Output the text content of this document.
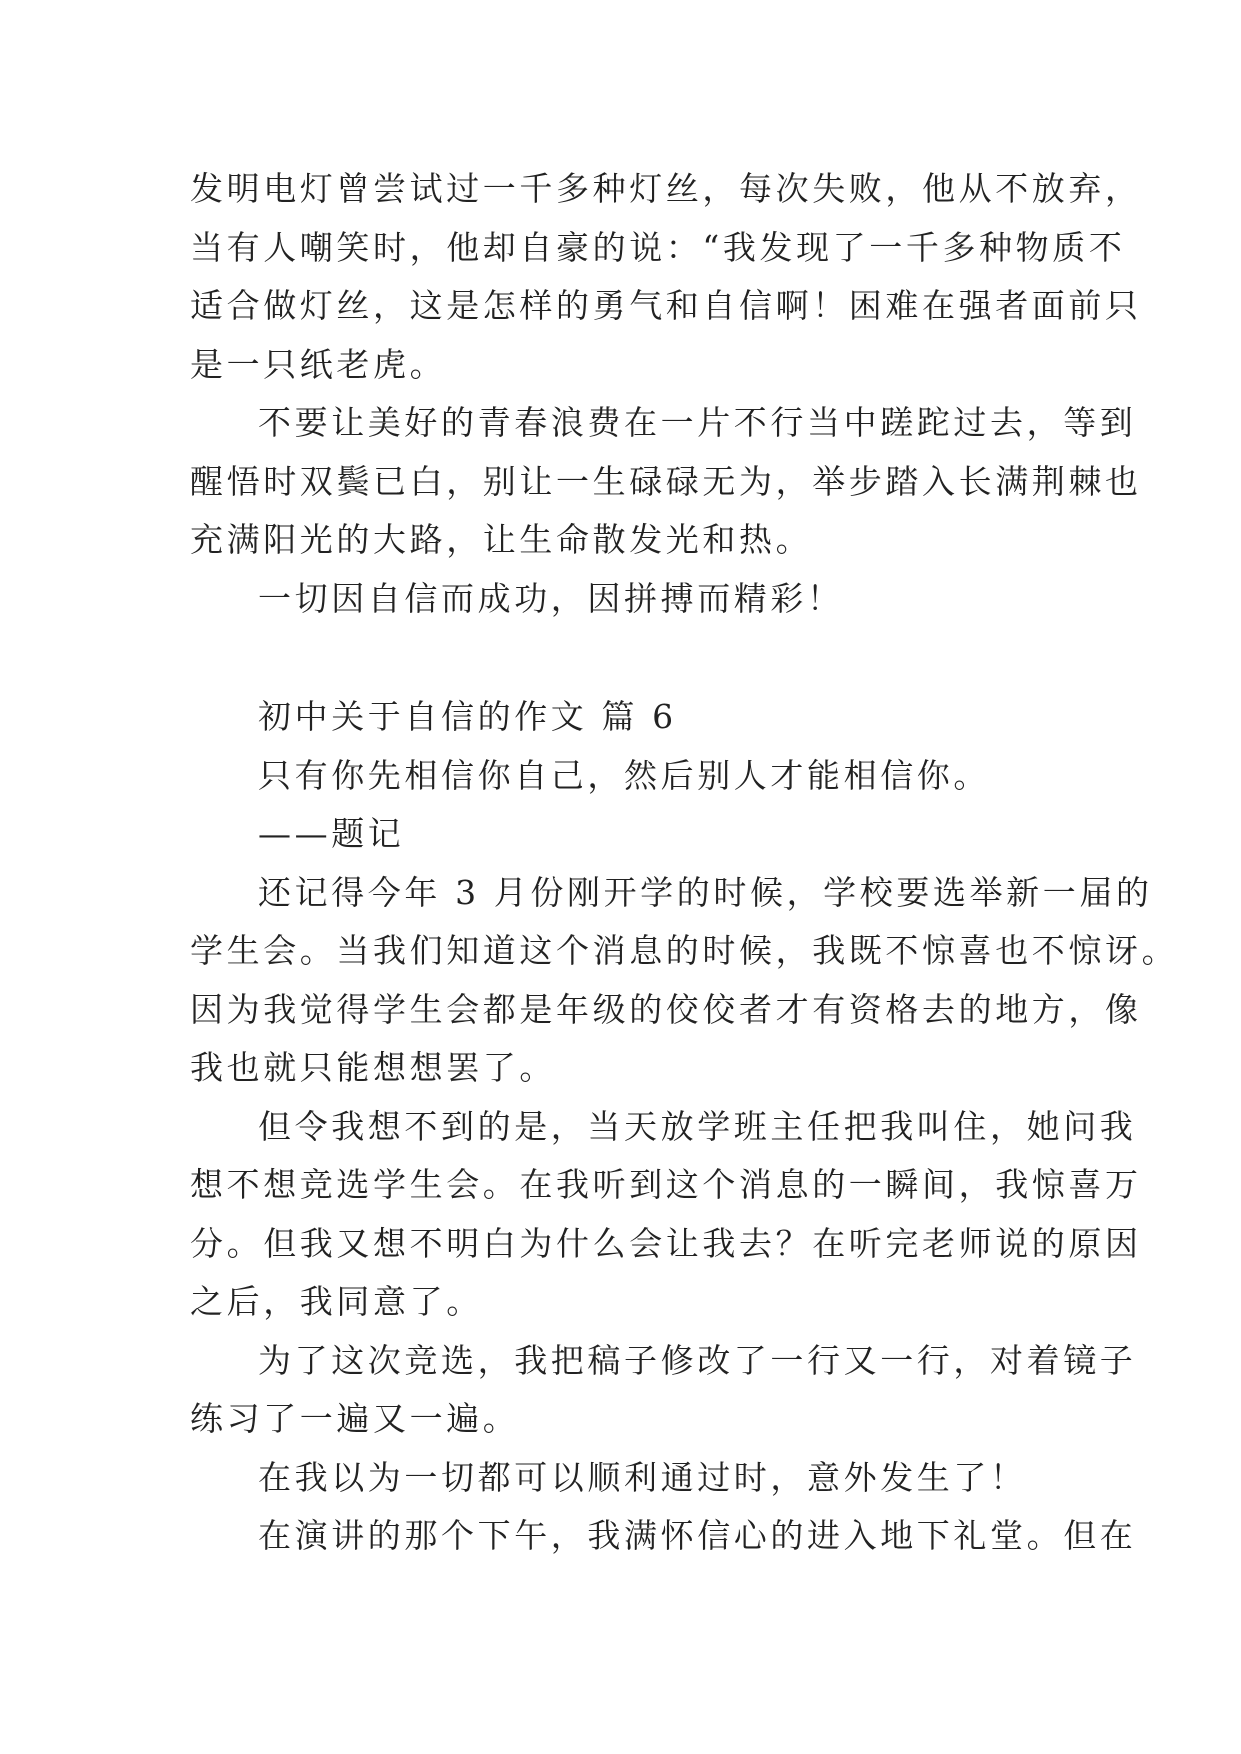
发明电灯曾尝试过一千多种灯丝，每次失败，他从不放弃，
当有人嘲笑时，他却自豪的说：“我发现了一千多种物质不
适合做灯丝，这是怎样的勇气和自信啊！困难在强者面前只
是一只纸老虎。
不要让美好的青春浪费在一片不行当中蹉跎过去，等到
醒悟时双鬓已白，别让一生碌碌无为，举步踏入长满荆棘也
充满阳光的大路，让生命散发光和热。
一切因自信而成功，因拼搏而精彩！
初中关于自信的作文 篇 6
只有你先相信你自己，然后别人才能相信你。
——题记
还记得今年 3 月份刚开学的时候，学校要选举新一届的
学生会。当我们知道这个消息的时候，我既不惊喜也不惊讶。
因为我觉得学生会都是年级的佼佼者才有资格去的地方，像
我也就只能想想罢了。
但令我想不到的是，当天放学班主任把我叫住，她问我
想不想竞选学生会。在我听到这个消息的一瞬间，我惊喜万
分。但我又想不明白为什么会让我去？在听完老师说的原因
之后，我同意了。
为了这次竞选，我把稿子修改了一行又一行，对着镜子
练习了一遍又一遍。
在我以为一切都可以顺利通过时，意外发生了！
在演讲的那个下午，我满怀信心的进入地下礼堂。但在
